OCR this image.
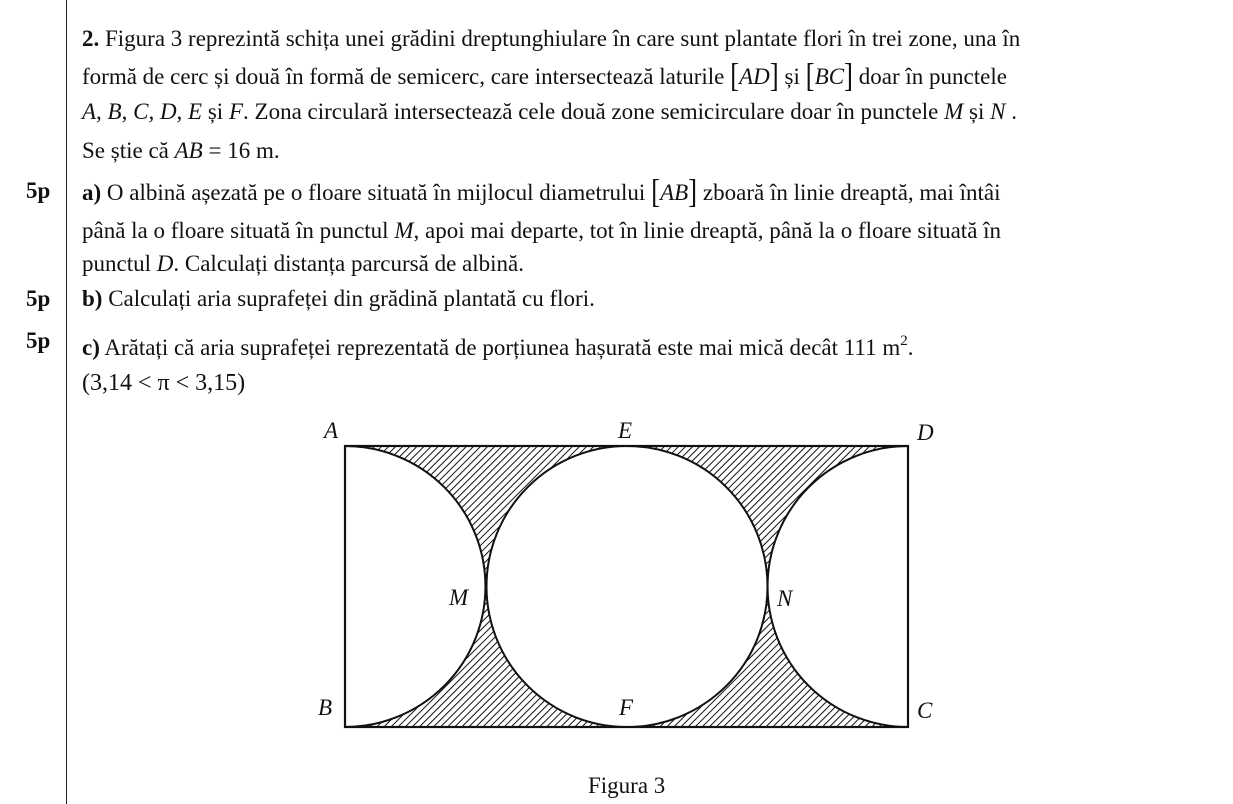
2. Figura 3 reprezintă schița unei grădini dreptunghiulare în care sunt plantate flori în trei zone, una în
formă de cerc și două în formă de semicerc, care intersectează laturile [AD] și [BC] doar în punctele
A, B, C, D, E și F. Zona circulară intersectează cele două zone semicirculare doar în punctele M și N .
Se știe că AB = 16 m.
5p a) O albină așezată pe o floare situată în mijlocul diametrului [AB] zboară în linie dreaptă, mai întâi
până la o floare situată în punctul M, apoi mai departe, tot în linie dreaptă, până la o floare situată în
punctul D. Calculați distanța parcursă de albină.
5p b) Calculați aria suprafeței din grădină plantată cu flori.
5p c) Arătați că aria suprafeței reprezentată de porțiunea hașurată este mai mică decât 111 $m^2$.
(3,14 < π < 3,15)
A	E	D
M	N
B	F	C
Figura 3
